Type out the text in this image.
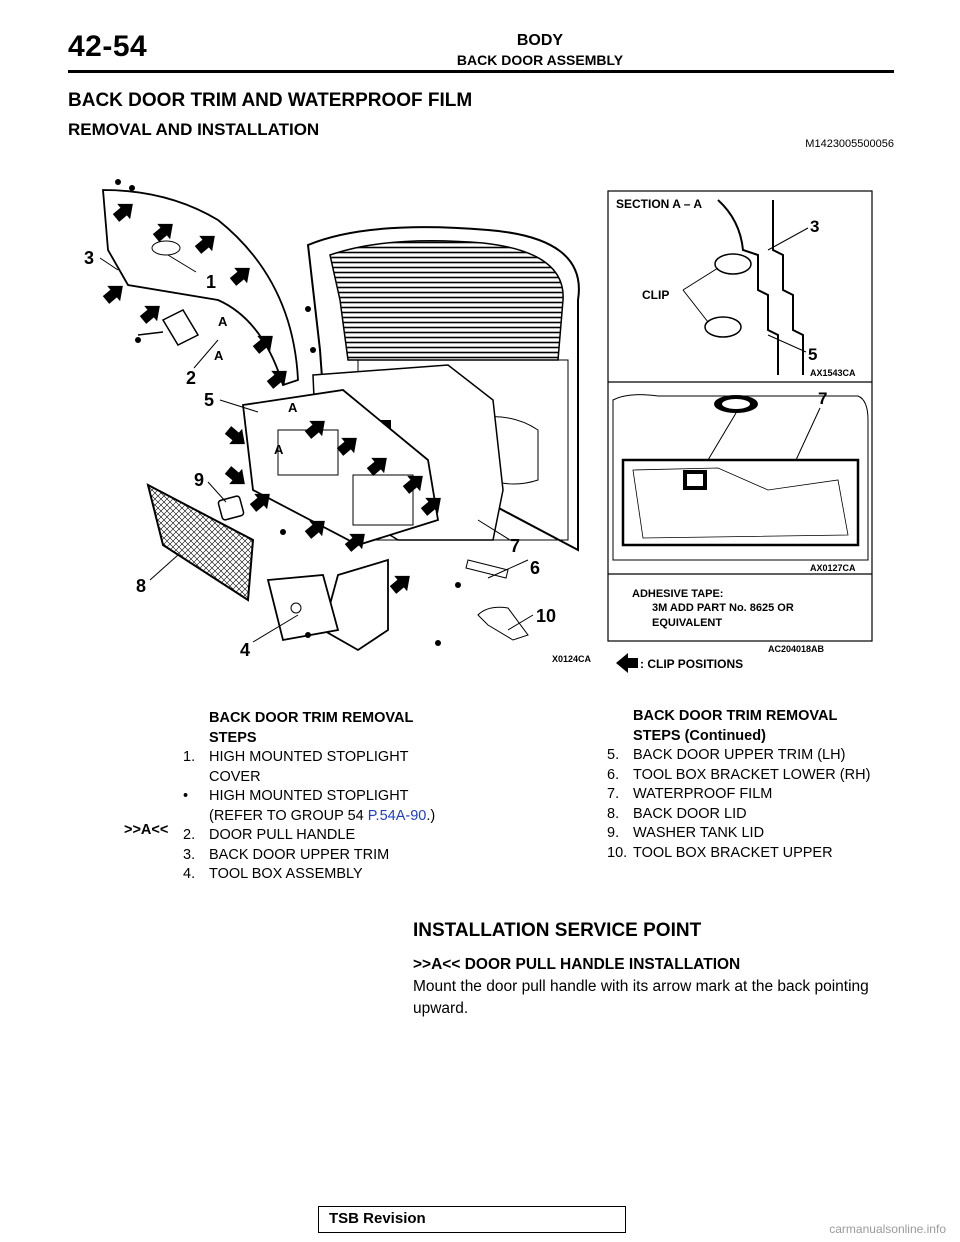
42-54	BODY
BACK DOOR ASSEMBLY
BACK DOOR TRIM AND WATERPROOF FILM
REMOVAL AND INSTALLATION
M1423005500056
A
A
A
A
1
2
3
4
5
6
7
8
9
10
X0124CA
SECTION A – A
CLIP
3
5
AX1543CA
7
AX0127CA
ADHESIVE TAPE:
3M ADD PART No. 8625 OR
EQUIVALENT
AC204018AB
: CLIP POSITIONS
>>A<<
BACK DOOR TRIM REMOVAL
STEPS
1. HIGH MOUNTED STOPLIGHT
COVER
•	HIGH MOUNTED STOPLIGHT
(REFER TO GROUP 54 P.54A-90.)
2. DOOR PULL HANDLE
3. BACK DOOR UPPER TRIM
4. TOOL BOX ASSEMBLY
BACK DOOR TRIM REMOVAL
STEPS (Continued)
5. BACK DOOR UPPER TRIM (LH)
6. TOOL BOX BRACKET LOWER (RH)
7. WATERPROOF FILM
8. BACK DOOR LID
9. WASHER TANK LID
10. TOOL BOX BRACKET UPPER
INSTALLATION SERVICE POINT
>>A<< DOOR PULL HANDLE INSTALLATION
Mount the door pull handle with its arrow mark at the back pointing upward.
TSB Revision
carmanualsonline.info
